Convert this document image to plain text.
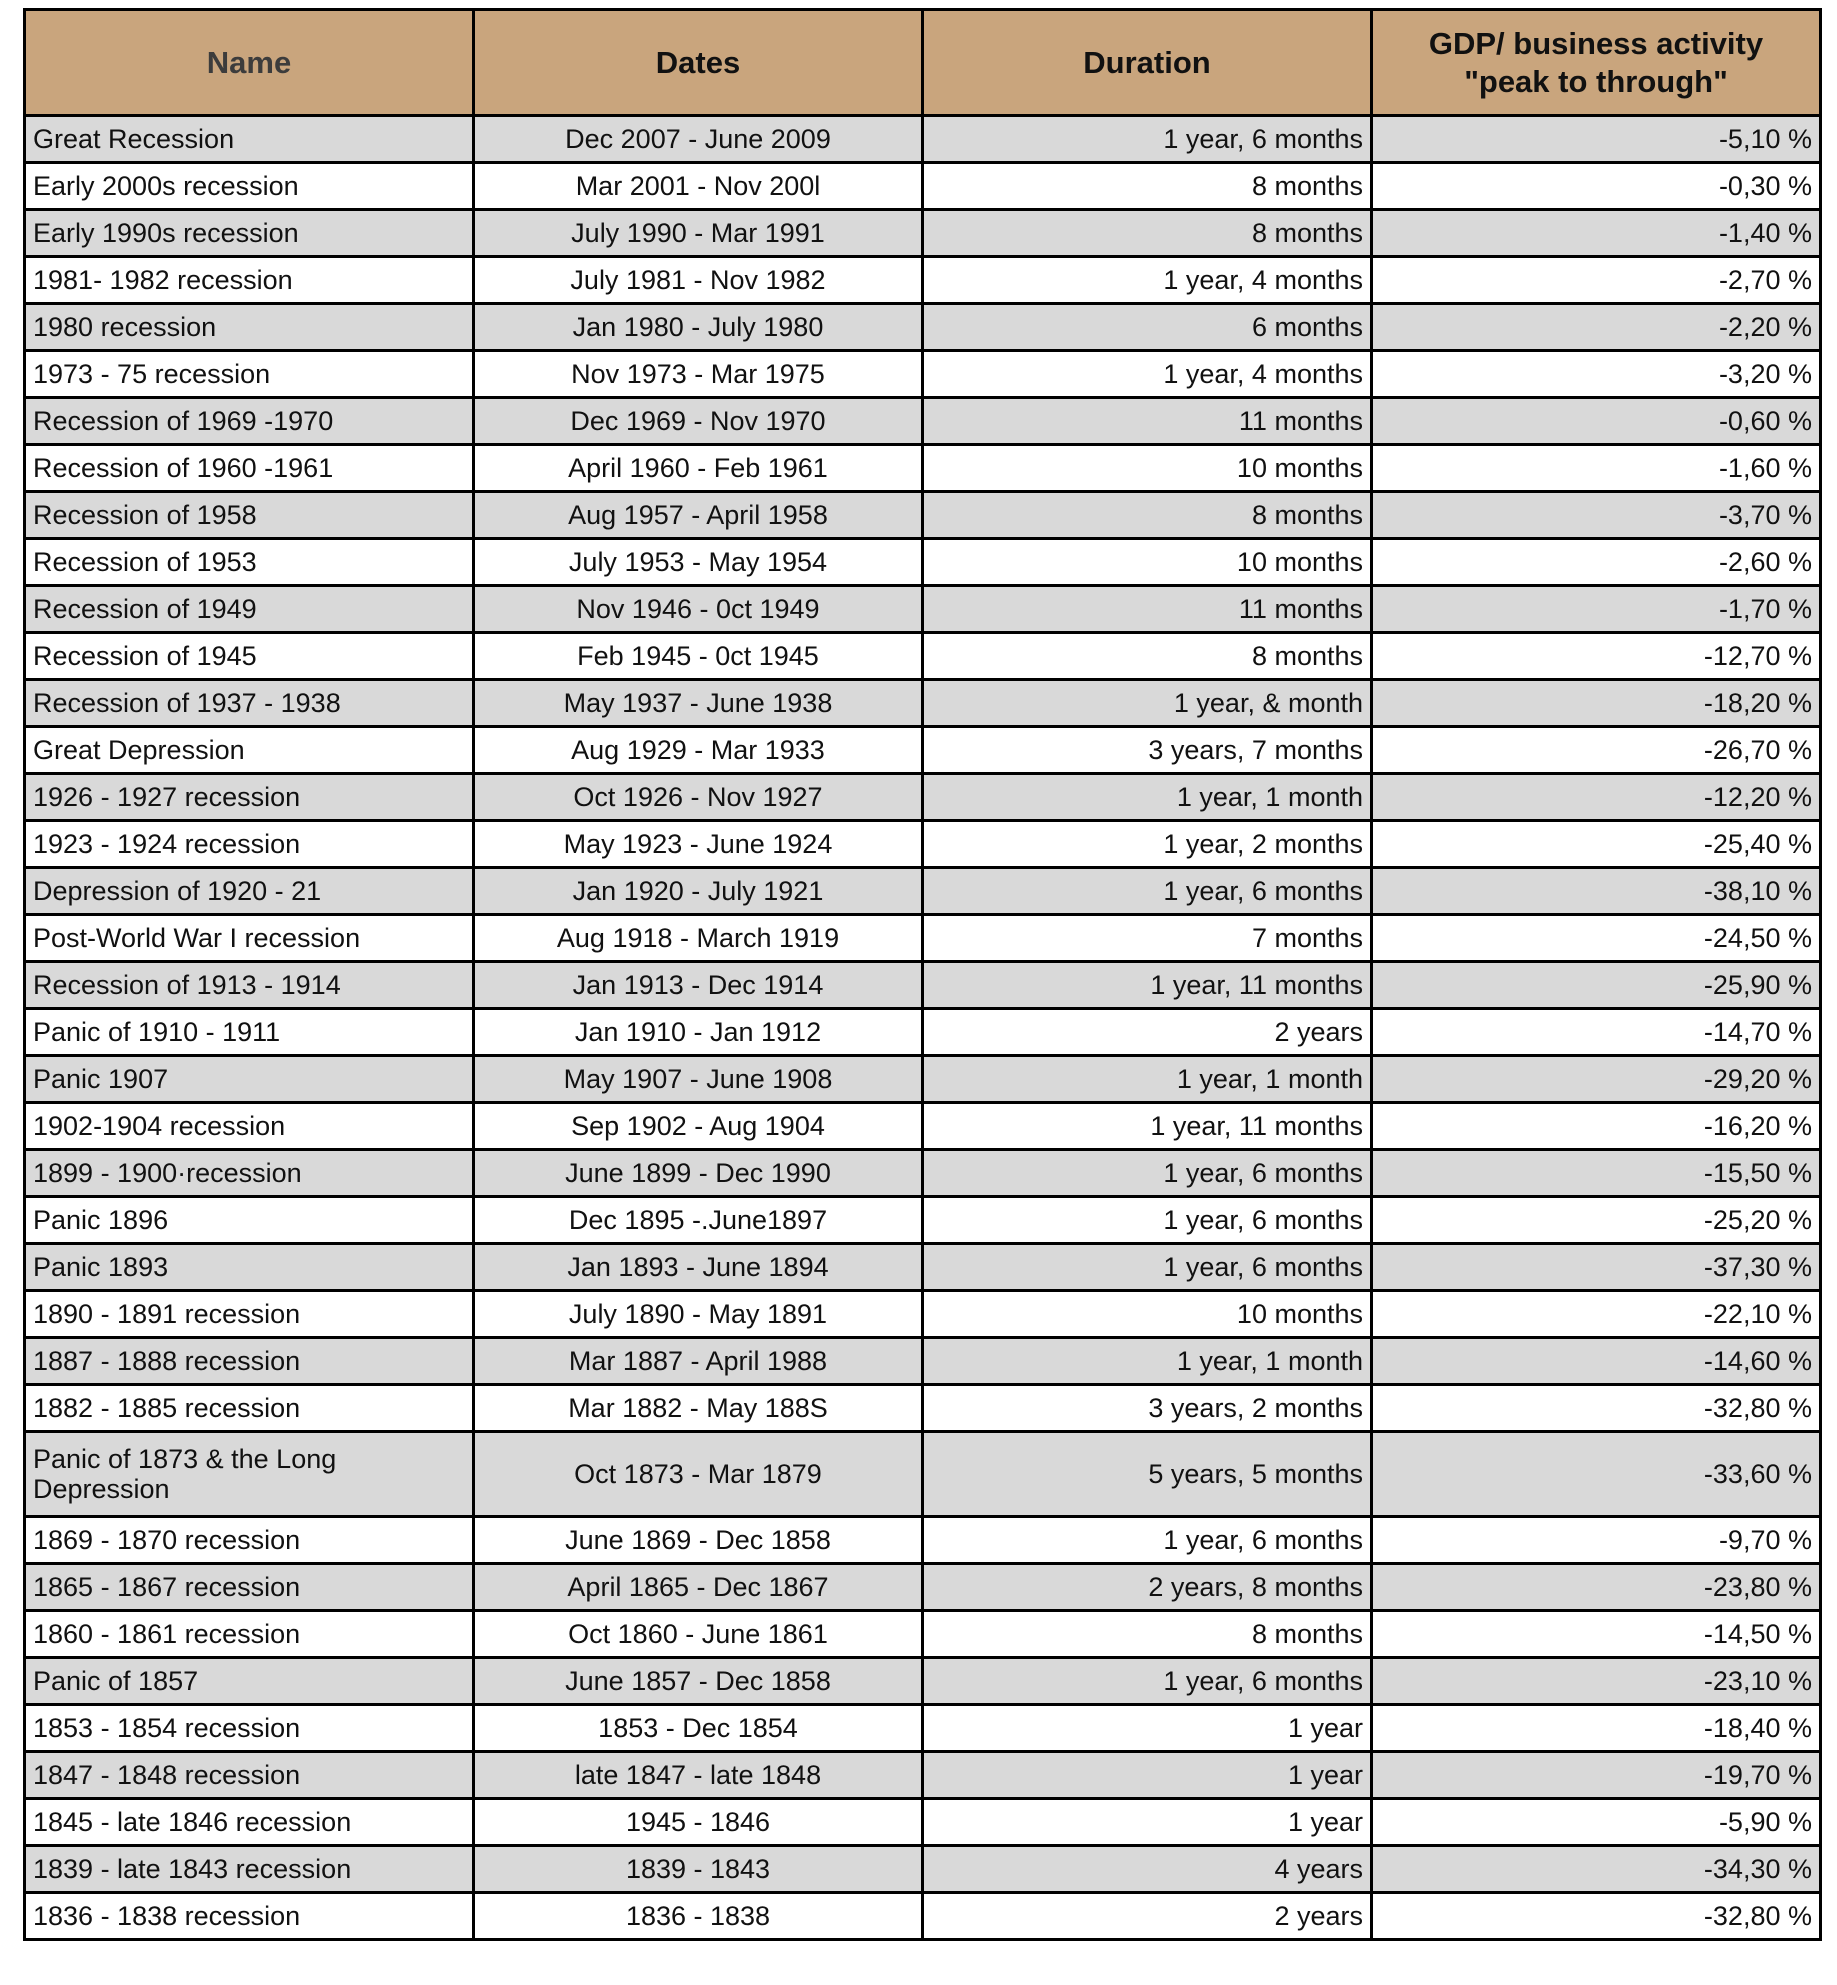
Name	Dates	Duration	GDP/ business activity
"peak to through"

Great Recession	Dec 2007 - June 2009	1 year, 6 months	-5,10 %
Early 2000s recession	Mar 2001 - Nov 200l	8 months	-0,30 %
Early 1990s recession	July 1990 - Mar 1991	8 months	-1,40 %
1981- 1982 recession	July 1981 - Nov 1982	1 year, 4 months	-2,70 %
1980 recession	Jan 1980 - July 1980	6 months	-2,20 %
1973 - 75 recession	Nov 1973 - Mar 1975	1 year, 4 months	-3,20 %
Recession of 1969 -1970	Dec 1969 - Nov 1970	11 months	-0,60 %
Recession of 1960 -1961	April 1960 - Feb 1961	10 months	-1,60 %
Recession of 1958	Aug 1957 - April 1958	8 months	-3,70 %
Recession of 1953	July 1953 - May 1954	10 months	-2,60 %
Recession of 1949	Nov 1946 - 0ct 1949	11 months	-1,70 %
Recession of 1945	Feb 1945 - 0ct 1945	8 months	-12,70 %
Recession of 1937 - 1938	May 1937 - June 1938	1 year, & month	-18,20 %
Great Depression	Aug 1929 - Mar 1933	3 years, 7 months	-26,70 %
1926 - 1927 recession	Oct 1926 - Nov 1927	1 year, 1 month	-12,20 %
1923 - 1924 recession	May 1923 - June 1924	1 year, 2 months	-25,40 %
Depression of 1920 - 21	Jan 1920 - July 1921	1 year, 6 months	-38,10 %
Post-World War I recession	Aug 1918 - March 1919	7 months	-24,50 %
Recession of 1913 - 1914	Jan 1913 - Dec 1914	1 year, 11 months	-25,90 %
Panic of 1910 - 1911	Jan 1910 - Jan 1912	2 years	-14,70 %
Panic 1907	May 1907 - June 1908	1 year, 1 month	-29,20 %
1902-1904 recession	Sep 1902 - Aug 1904	1 year, 11 months	-16,20 %
1899 - 1900·recession	June 1899 - Dec 1990	1 year, 6 months	-15,50 %
Panic 1896	Dec 1895 -.June1897	1 year, 6 months	-25,20 %
Panic 1893	Jan 1893 - June 1894	1 year, 6 months	-37,30 %
1890 - 1891 recession	July 1890 - May 1891	10 months	-22,10 %
1887 - 1888 recession	Mar 1887 - April 1988	1 year, 1 month	-14,60 %
1882 - 1885 recession	Mar 1882 - May 188S	3 years, 2 months	-32,80 %
Panic of 1873 & the Long Depression	Oct 1873 - Mar 1879	5 years, 5 months	-33,60 %
1869 - 1870 recession	June 1869 - Dec 1858	1 year, 6 months	-9,70 %
1865 - 1867 recession	April 1865 - Dec 1867	2 years, 8 months	-23,80 %
1860 - 1861 recession	Oct 1860 - June 1861	8 months	-14,50 %
Panic of 1857	June 1857 - Dec 1858	1 year, 6 months	-23,10 %
1853 - 1854 recession	1853 - Dec 1854	1 year	-18,40 %
1847 - 1848 recession	late 1847 - late 1848	1 year	-19,70 %
1845 - late 1846 recession	1945 - 1846	1 year	-5,90 %
1839 - late 1843 recession	1839 - 1843	4 years	-34,30 %
1836 - 1838 recession	1836 - 1838	2 years	-32,80 %
